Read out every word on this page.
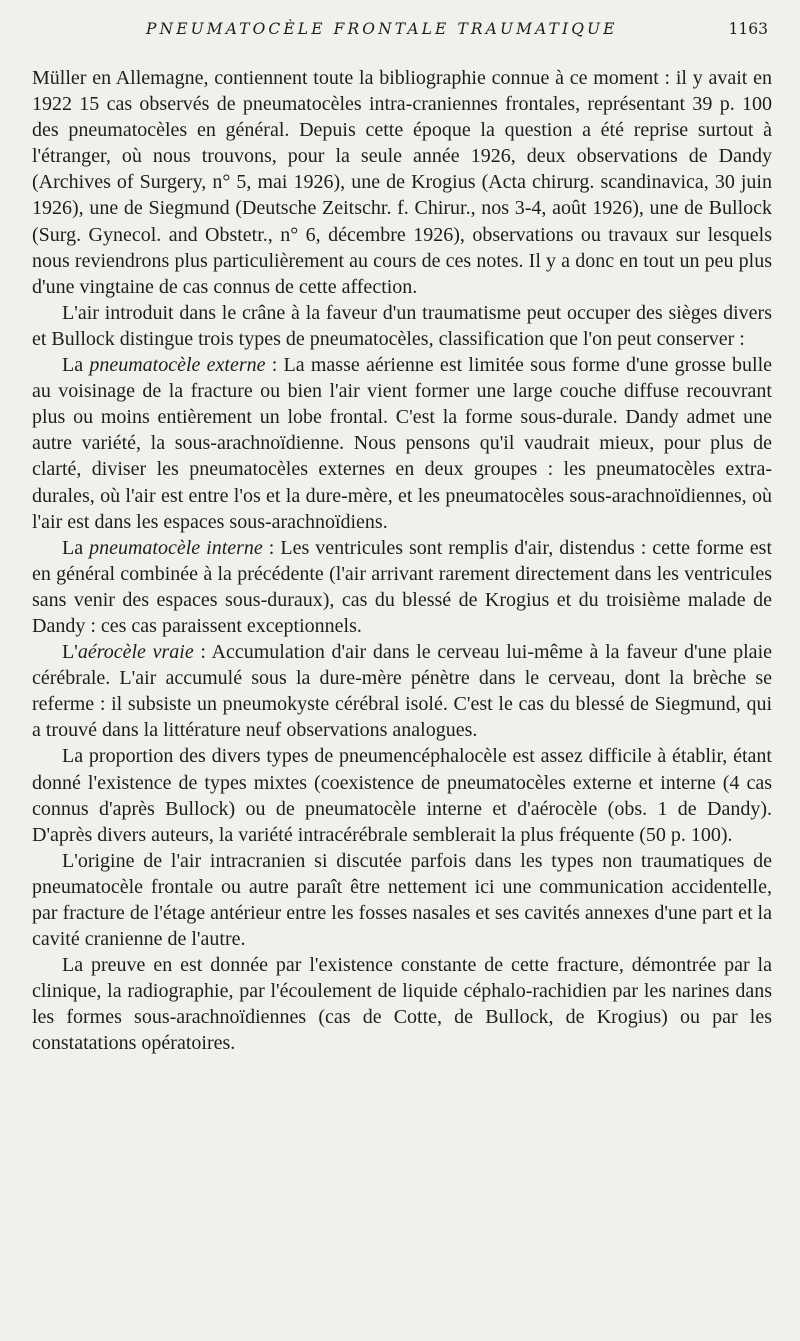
PNEUMATOCÈLE FRONTALE TRAUMATIQUE	1163

Müller en Allemagne, contiennent toute la bibliographie connue à ce moment : il y avait en 1922 15 cas observés de pneumatocèles intra-craniennes frontales, représentant 39 p. 100 des pneumatocèles en général. Depuis cette époque la question a été reprise surtout à l'étranger, où nous trouvons, pour la seule année 1926, deux observations de Dandy (Archives of Surgery, n° 5, mai 1926), une de Krogius (Acta chirurg. scandinavica, 30 juin 1926), une de Siegmund (Deutsche Zeitschr. f. Chirur., nos 3-4, août 1926), une de Bullock (Surg. Gynecol. and Obstetr., n° 6, décembre 1926), observations ou travaux sur lesquels nous reviendrons plus particulièrement au cours de ces notes. Il y a donc en tout un peu plus d'une vingtaine de cas connus de cette affection.

L'air introduit dans le crâne à la faveur d'un traumatisme peut occuper des sièges divers et Bullock distingue trois types de pneumatocèles, classification que l'on peut conserver :

La pneumatocèle externe : La masse aérienne est limitée sous forme d'une grosse bulle au voisinage de la fracture ou bien l'air vient former une large couche diffuse recouvrant plus ou moins entièrement un lobe frontal. C'est la forme sous-durale. Dandy admet une autre variété, la sous-arachnoïdienne. Nous pensons qu'il vaudrait mieux, pour plus de clarté, diviser les pneumatocèles externes en deux groupes : les pneumatocèles extra-durales, où l'air est entre l'os et la dure-mère, et les pneumatocèles sous-arachnoïdiennes, où l'air est dans les espaces sous-arachnoïdiens.

La pneumatocèle interne : Les ventricules sont remplis d'air, distendus : cette forme est en général combinée à la précédente (l'air arrivant rarement directement dans les ventricules sans venir des espaces sous-duraux), cas du blessé de Krogius et du troisième malade de Dandy : ces cas paraissent exceptionnels.

L'aérocèle vraie : Accumulation d'air dans le cerveau lui-même à la faveur d'une plaie cérébrale. L'air accumulé sous la dure-mère pénètre dans le cerveau, dont la brèche se referme : il subsiste un pneumokyste cérébral isolé. C'est le cas du blessé de Siegmund, qui a trouvé dans la littérature neuf observations analogues.

La proportion des divers types de pneumencéphalocèle est assez difficile à établir, étant donné l'existence de types mixtes (coexistence de pneumatocèles externe et interne (4 cas connus d'après Bullock) ou de pneumatocèle interne et d'aérocèle (obs. 1 de Dandy). D'après divers auteurs, la variété intracérébrale semblerait la plus fréquente (50 p. 100).

L'origine de l'air intracranien si discutée parfois dans les types non traumatiques de pneumatocèle frontale ou autre paraît être nettement ici une communication accidentelle, par fracture de l'étage antérieur entre les fosses nasales et ses cavités annexes d'une part et la cavité cranienne de l'autre.

La preuve en est donnée par l'existence constante de cette fracture, démontrée par la clinique, la radiographie, par l'écoulement de liquide céphalo-rachidien par les narines dans les formes sous-arachnoïdiennes (cas de Cotte, de Bullock, de Krogius) ou par les constatations opératoires.
